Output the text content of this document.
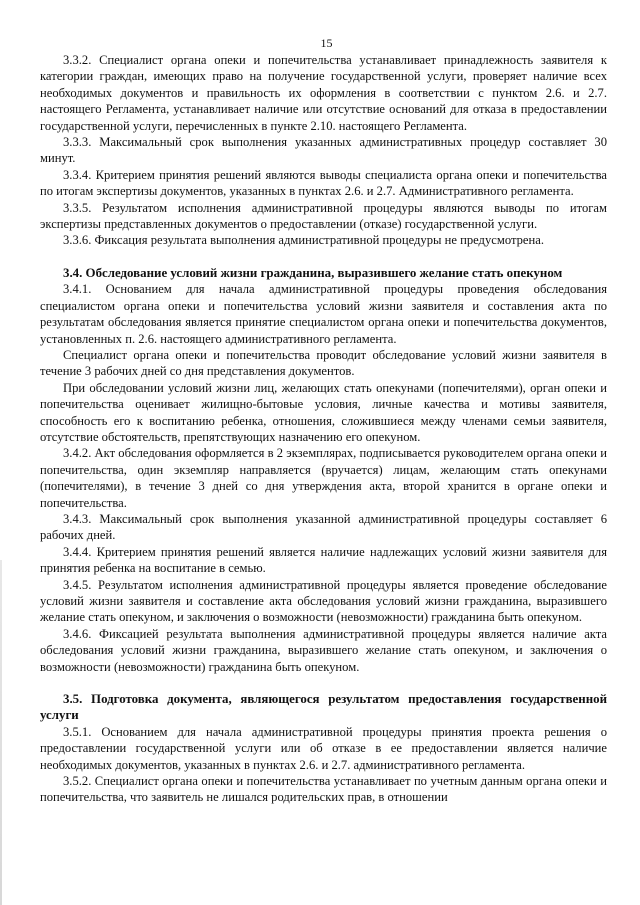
15

3.3.2. Специалист органа опеки и попечительства устанавливает принадлежность заявителя к категории граждан, имеющих право на получение государственной услуги, проверяет наличие всех необходимых документов и правильность их оформления в соответствии с пунктом 2.6. и 2.7. настоящего Регламента, устанавливает наличие или отсутствие оснований для отказа в предоставлении государственной услуги, перечисленных в пункте 2.10. настоящего Регламента.

3.3.3. Максимальный срок выполнения указанных административных процедур составляет 30 минут.

3.3.4. Критерием принятия решений являются выводы специалиста органа опеки и попечительства по итогам экспертизы документов, указанных в пунктах 2.6. и 2.7. Административного регламента.

3.3.5. Результатом исполнения административной процедуры являются выводы по итогам экспертизы представленных документов о предоставлении (отказе) государственной услуги.

3.3.6. Фиксация результата выполнения административной процедуры не предусмотрена.

3.4. Обследование условий жизни гражданина, выразившего желание стать опекуном

3.4.1. Основанием для начала административной процедуры проведения обследования специалистом органа опеки и попечительства условий жизни заявителя и составления акта по результатам обследования является принятие специалистом органа опеки и попечительства документов, установленных п. 2.6. настоящего административного регламента.

Специалист органа опеки и попечительства проводит обследование условий жизни заявителя в течение 3 рабочих дней со дня представления документов.

При обследовании условий жизни лиц, желающих стать опекунами (попечителями), орган опеки и попечительства оценивает жилищно-бытовые условия, личные качества и мотивы заявителя, способность его к воспитанию ребенка, отношения, сложившиеся между членами семьи заявителя, отсутствие обстоятельств, препятствующих назначению его опекуном.

3.4.2. Акт обследования оформляется в 2 экземплярах, подписывается руководителем органа опеки и попечительства, один экземпляр направляется (вручается) лицам, желающим стать опекунами (попечителями), в течение 3 дней со дня утверждения акта, второй хранится в органе опеки и попечительства.

3.4.3. Максимальный срок выполнения указанной административной процедуры составляет 6 рабочих дней.

3.4.4. Критерием принятия решений является наличие надлежащих условий жизни заявителя для принятия ребенка на воспитание в семью.

3.4.5. Результатом исполнения административной процедуры является проведение обследование условий жизни заявителя и составление акта обследования условий жизни гражданина, выразившего желание стать опекуном, и заключения о возможности (невозможности) гражданина быть опекуном.

3.4.6. Фиксацией результата выполнения административной процедуры является наличие акта обследования условий жизни гражданина, выразившего желание стать опекуном, и заключения о возможности (невозможности) гражданина быть опекуном.

3.5. Подготовка документа, являющегося результатом предоставления государственной услуги

3.5.1. Основанием для начала административной процедуры принятия проекта решения о предоставлении государственной услуги или об отказе в ее предоставлении является наличие необходимых документов, указанных в пунктах 2.6. и 2.7. административного регламента.

3.5.2. Специалист органа опеки и попечительства устанавливает по учетным данным органа опеки и попечительства, что заявитель не лишался родительских прав, в отношении
